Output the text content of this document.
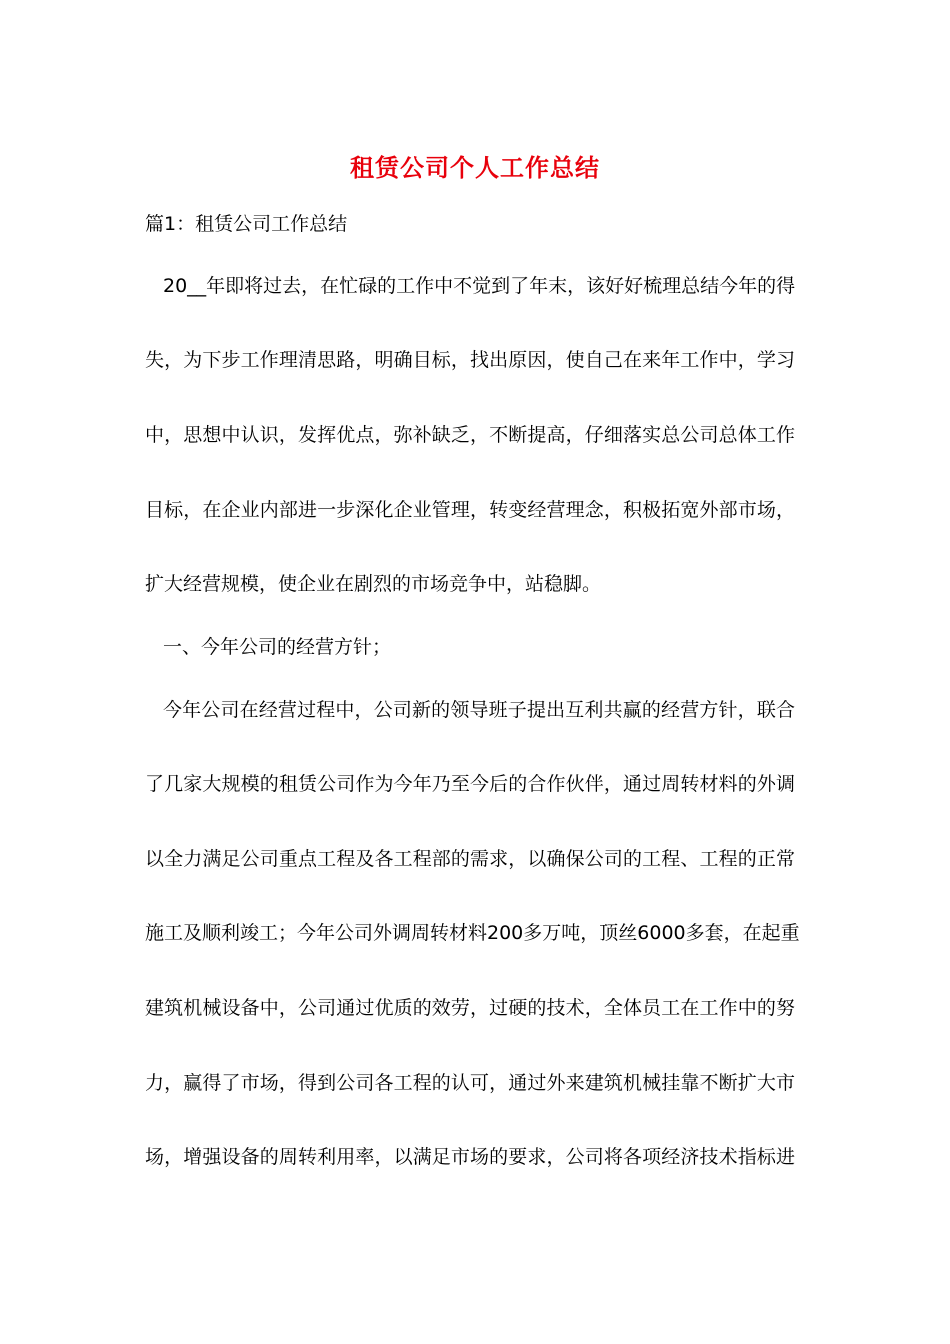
租赁公司个人工作总结
篇1：租赁公司工作总结
20__年即将过去，在忙碌的工作中不觉到了年末，该好好梳理总结今年的得
失，为下步工作理清思路，明确目标，找出原因，使自己在来年工作中，学习
中，思想中认识，发挥优点，弥补缺乏，不断提高，仔细落实总公司总体工作
目标，在企业内部进一步深化企业管理，转变经营理念，积极拓宽外部市场，
扩大经营规模，使企业在剧烈的市场竞争中，站稳脚。
一、今年公司的经营方针；
今年公司在经营过程中，公司新的领导班子提出互利共赢的经营方针，联合
了几家大规模的租赁公司作为今年乃至今后的合作伙伴，通过周转材料的外调
以全力满足公司重点工程及各工程部的需求，以确保公司的工程、工程的正常
施工及顺利竣工；今年公司外调周转材料200多万吨，顶丝6000多套，在起重
建筑机械设备中，公司通过优质的效劳，过硬的技术，全体员工在工作中的努
力，赢得了市场，得到公司各工程的认可，通过外来建筑机械挂靠不断扩大市
场，增强设备的周转利用率，以满足市场的要求，公司将各项经济技术指标进
